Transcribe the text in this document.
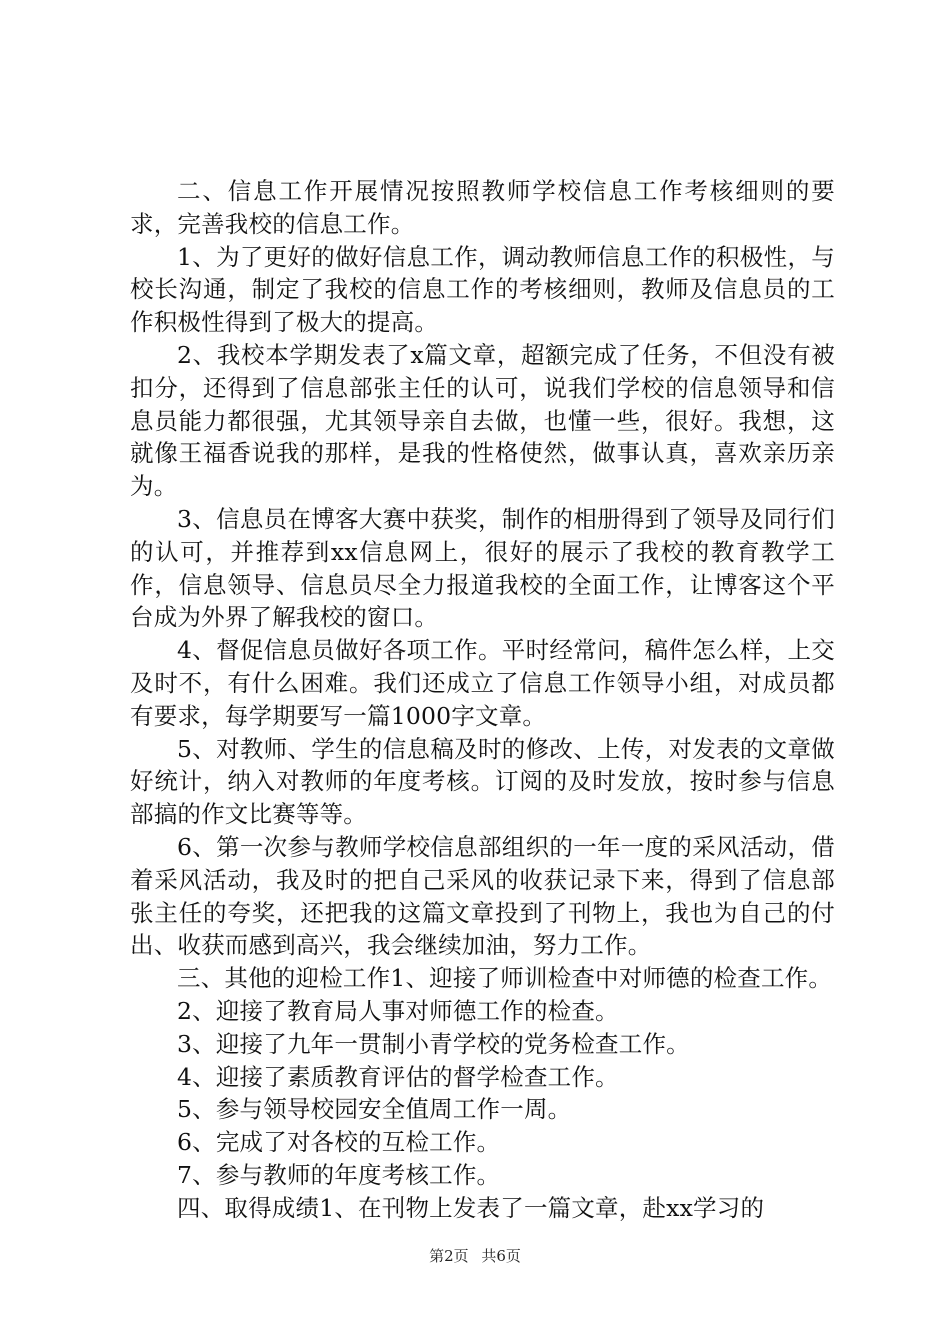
二、信息工作开展情况按照教师学校信息工作考核细则的要求，完善我校的信息工作。

1、为了更好的做好信息工作，调动教师信息工作的积极性，与校长沟通，制定了我校的信息工作的考核细则，教师及信息员的工作积极性得到了极大的提高。

2、我校本学期发表了x篇文章，超额完成了任务，不但没有被扣分，还得到了信息部张主任的认可，说我们学校的信息领导和信息员能力都很强，尤其领导亲自去做，也懂一些，很好。我想，这就像王福香说我的那样，是我的性格使然，做事认真，喜欢亲历亲为。

3、信息员在博客大赛中获奖，制作的相册得到了领导及同行们的认可，并推荐到xx信息网上，很好的展示了我校的教育教学工作，信息领导、信息员尽全力报道我校的全面工作，让博客这个平台成为外界了解我校的窗口。

4、督促信息员做好各项工作。平时经常问，稿件怎么样，上交及时不，有什么困难。我们还成立了信息工作领导小组，对成员都有要求，每学期要写一篇1000字文章。

5、对教师、学生的信息稿及时的修改、上传，对发表的文章做好统计，纳入对教师的年度考核。订阅的及时发放，按时参与信息部搞的作文比赛等等。

6、第一次参与教师学校信息部组织的一年一度的采风活动，借着采风活动，我及时的把自己采风的收获记录下来，得到了信息部张主任的夸奖，还把我的这篇文章投到了刊物上，我也为自己的付出、收获而感到高兴，我会继续加油，努力工作。

三、其他的迎检工作1、迎接了师训检查中对师德的检查工作。

2、迎接了教育局人事对师德工作的检查。

3、迎接了九年一贯制小青学校的党务检查工作。

4、迎接了素质教育评估的督学检查工作。

5、参与领导校园安全值周工作一周。

6、完成了对各校的互检工作。

7、参与教师的年度考核工作。

四、取得成绩1、在刊物上发表了一篇文章，赴xx学习的

第2页 共6页
